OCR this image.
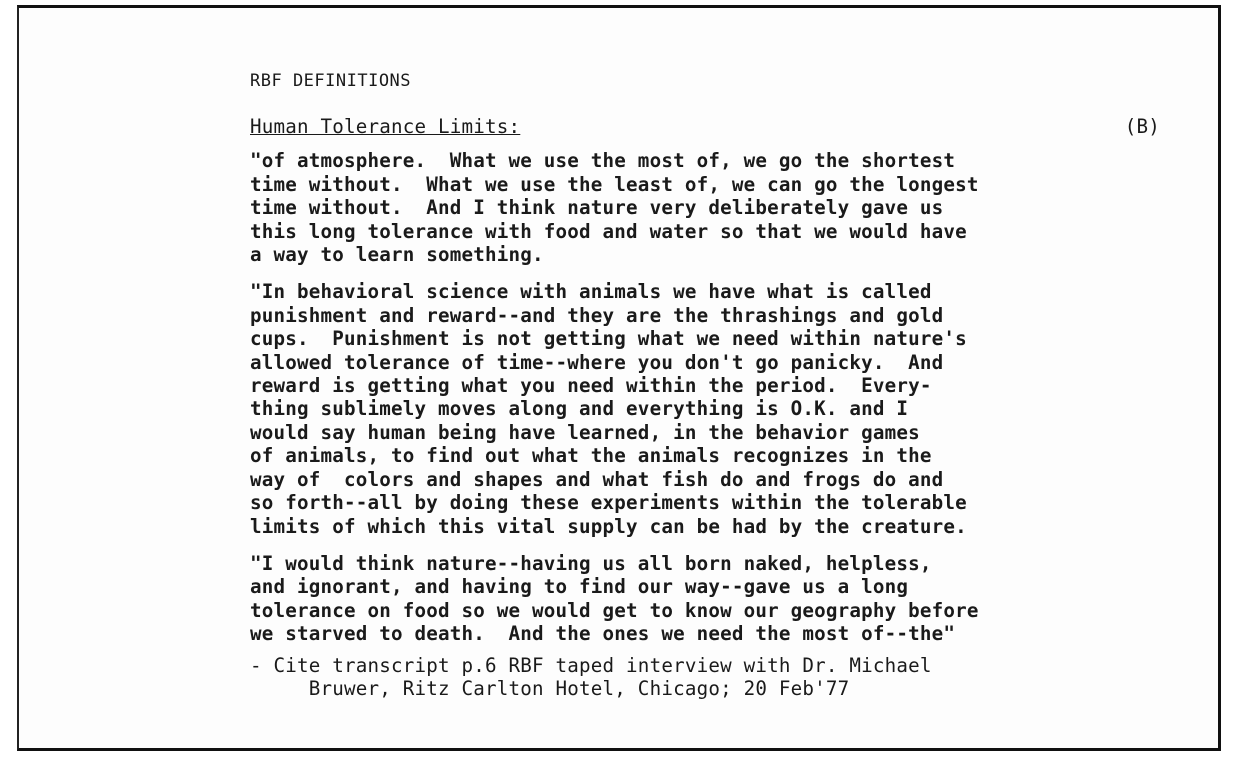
RBF DEFINITIONS
Human Tolerance Limits:	(B)

"of atmosphere.  What we use the most of, we go the shortest
time without.  What we use the least of, we can go the longest
time without.  And I think nature very deliberately gave us
this long tolerance with food and water so that we would have
a way to learn something.

"In behavioral science with animals we have what is called
punishment and reward--and they are the thrashings and gold
cups.  Punishment is not getting what we need within nature's
allowed tolerance of time--where you don't go panicky.  And
reward is getting what you need within the period.  Every-
thing sublimely moves along and everything is O.K. and I
would say human being have learned, in the behavior games
of animals, to find out what the animals recognizes in the
way of  colors and shapes and what fish do and frogs do and
so forth--all by doing these experiments within the tolerable
limits of which this vital supply can be had by the creature.

"I would think nature--having us all born naked, helpless,
and ignorant, and having to find our way--gave us a long
tolerance on food so we would get to know our geography before
we starved to death.  And the ones we need the most of--the"

- Cite transcript p.6 RBF taped interview with Dr. Michael
Bruwer, Ritz Carlton Hotel, Chicago; 20 Feb'77
